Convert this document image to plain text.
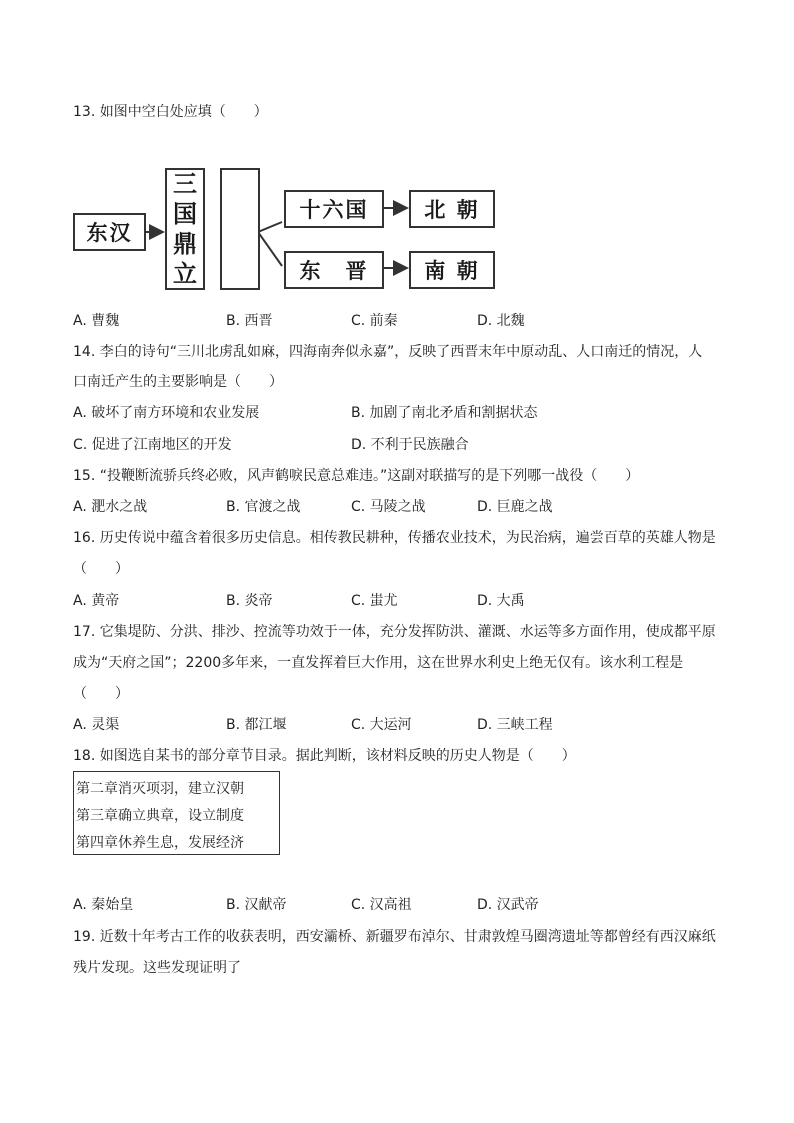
13. 如图中空白处应填（　　）
东汉
三
国
鼎
立
十六国	北 朝
东　晋	南 朝
A. 曹魏	B. 西晋	C. 前秦	D. 北魏
14. 李白的诗句“三川北虏乱如麻，四海南奔似永嘉”，反映了西晋末年中原动乱、人口南迁的情况，人
口南迁产生的主要影响是（　　）
A. 破坏了南方环境和农业发展	B. 加剧了南北矛盾和割据状态
C. 促进了江南地区的开发	D. 不利于民族融合
15. “投鞭断流骄兵终必败，风声鹤唳民意总难违。”这副对联描写的是下列哪一战役（　　）
A. 淝水之战	B. 官渡之战	C. 马陵之战	D. 巨鹿之战
16. 历史传说中蕴含着很多历史信息。相传教民耕种，传播农业技术，为民治病，遍尝百草的英雄人物是
（　　）
A. 黄帝	B. 炎帝	C. 蚩尤	D. 大禹
17. 它集堤防、分洪、排沙、控流等功效于一体，充分发挥防洪、灌溉、水运等多方面作用，使成都平原
成为“天府之国”；2200多年来，一直发挥着巨大作用，这在世界水利史上绝无仅有。该水利工程是
（　　）
A. 灵渠	B. 都江堰	C. 大运河	D. 三峡工程
18. 如图选自某书的部分章节目录。据此判断，该材料反映的历史人物是（　　）
第二章消灭项羽，建立汉朝
第三章确立典章，设立制度
第四章休养生息，发展经济
A. 秦始皇	B. 汉献帝	C. 汉高祖	D. 汉武帝
19. 近数十年考古工作的收获表明，西安灞桥、新疆罗布淖尔、甘肃敦煌马圈湾遗址等都曾经有西汉麻纸
残片发现。这些发现证明了
